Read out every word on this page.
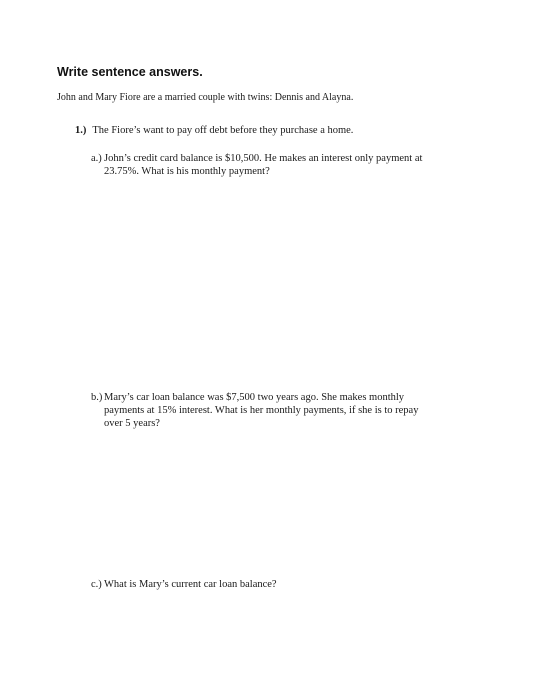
Write sentence answers.
John and Mary Fiore are a married couple with twins: Dennis and Alayna.
1.) The Fiore’s want to pay off debt before they purchase a home.
a.) John’s credit card balance is $10,500. He makes an interest only payment at
23.75%. What is his monthly payment?
b.) Mary’s car loan balance was $7,500 two years ago. She makes monthly
payments at 15% interest. What is her monthly payments, if she is to repay
over 5 years?
c.) What is Mary’s current car loan balance?
